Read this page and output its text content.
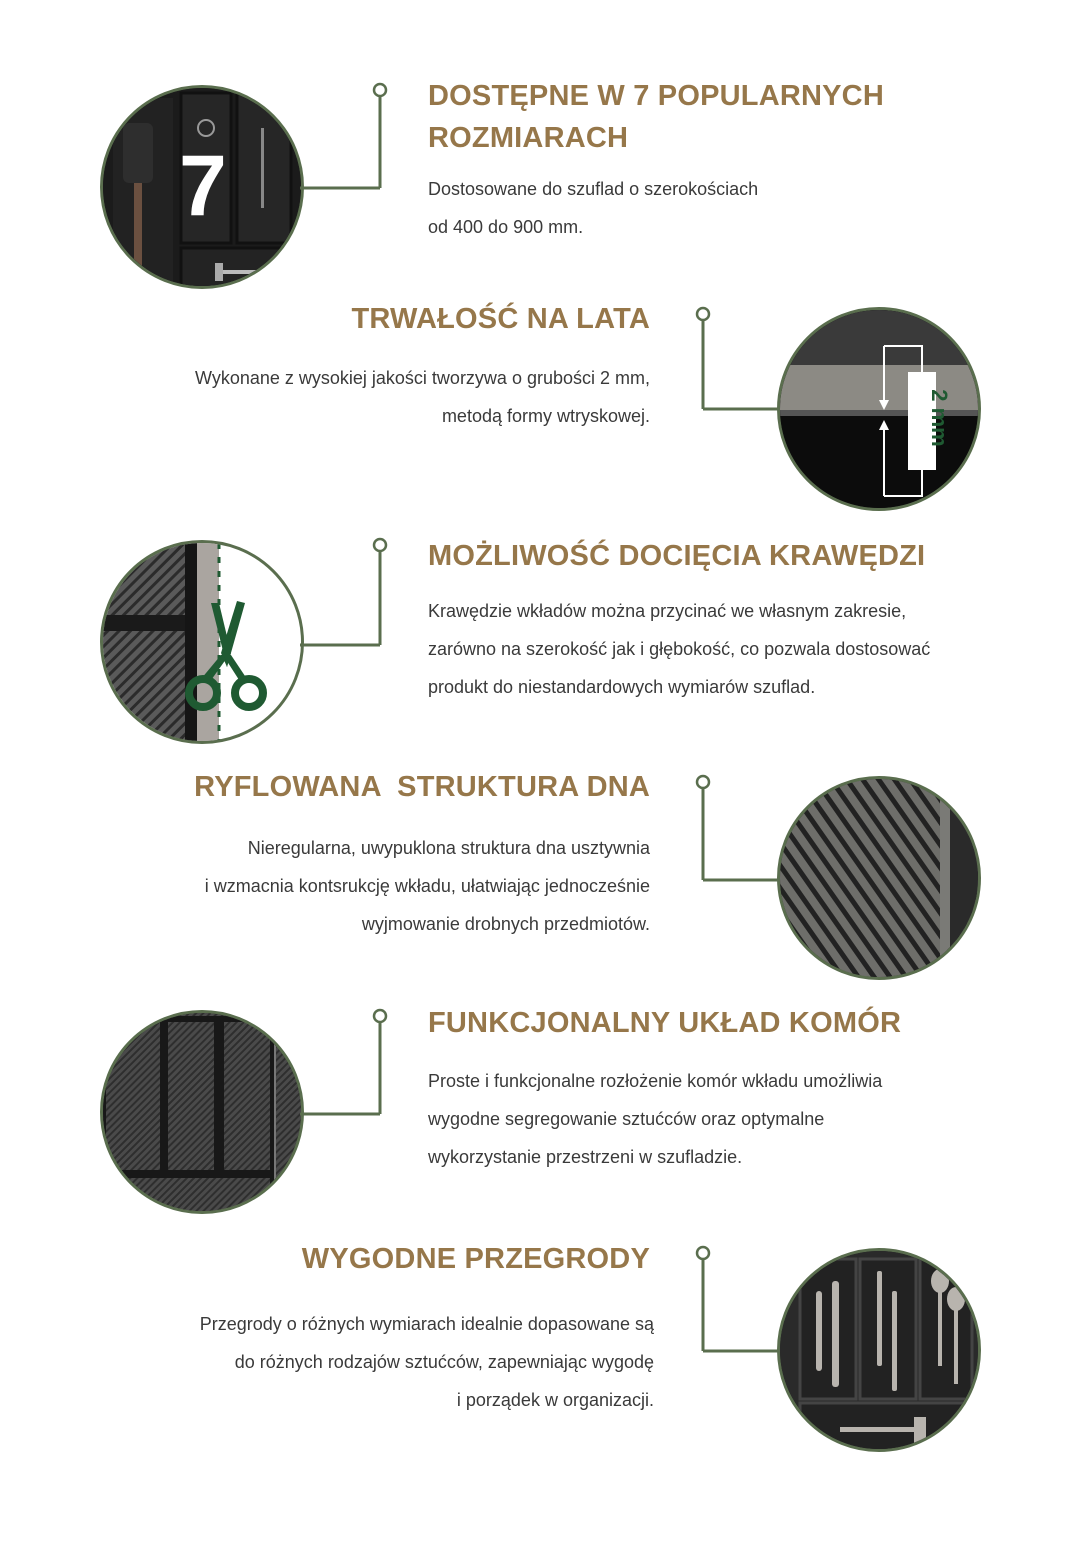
7
DOSTĘPNE W 7 POPULARNYCH
ROZMIARACH
Dostosowane do szuflad o szerokościach
od 400 do 900 mm.
TRWAŁOŚĆ NA LATA
Wykonane z wysokiej jakości tworzywa o grubości 2 mm,
metodą formy wtryskowej.	2 mm
MOŻLIWOŚĆ DOCIĘCIA KRAWĘDZI
Krawędzie wkładów można przycinać we własnym zakresie,
zarówno na szerokość jak i głębokość, co pozwala dostosować
produkt do niestandardowych wymiarów szuflad.
RYFLOWANA  STRUKTURA DNA
Nieregularna, uwypuklona struktura dna usztywnia
i wzmacnia kontsrukcję wkładu, ułatwiając jednocześnie
wyjmowanie drobnych przedmiotów.
FUNKCJONALNY UKŁAD KOMÓR
Proste i funkcjonalne rozłożenie komór wkładu umożliwia
wygodne segregowanie sztućców oraz optymalne
wykorzystanie przestrzeni w szufladzie.
WYGODNE PRZEGRODY
Przegrody o różnych wymiarach idealnie dopasowane są
do różnych rodzajów sztućców, zapewniając wygodę
i porządek w organizacji.
